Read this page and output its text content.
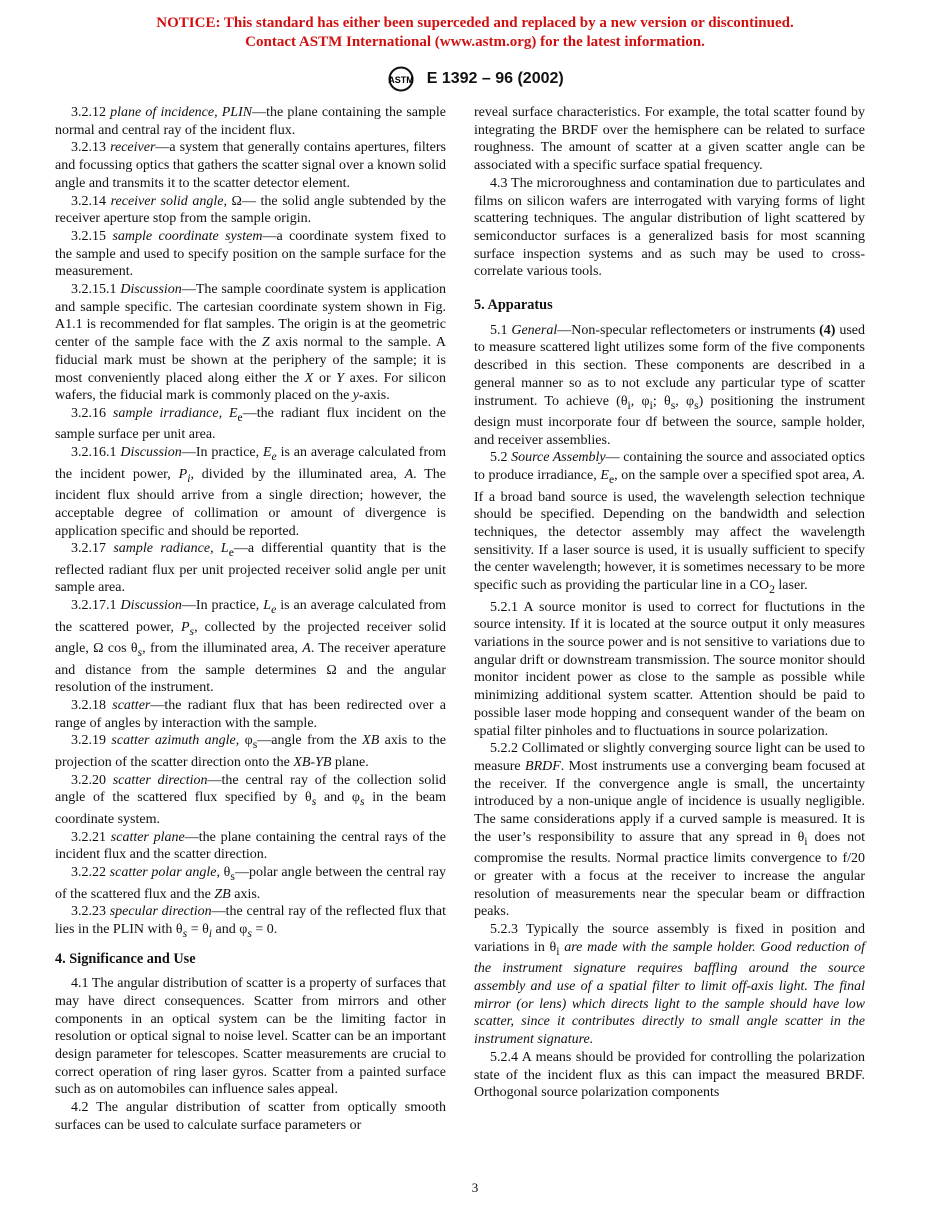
NOTICE: This standard has either been superceded and replaced by a new version or discontinued.
Contact ASTM International (www.astm.org) for the latest information.
ASTM E 1392 – 96 (2002)

3.2.12 plane of incidence, PLIN—the plane containing the sample normal and central ray of the incident flux.

3.2.13 receiver—a system that generally contains apertures, filters and focussing optics that gathers the scatter signal over a known solid angle and transmits it to the scatter detector element.

3.2.14 receiver solid angle, Ω— the solid angle subtended by the receiver aperture stop from the sample origin.

3.2.15 sample coordinate system—a coordinate system fixed to the sample and used to specify position on the sample surface for the measurement.

3.2.15.1 Discussion—The sample coordinate system is application and sample specific. The cartesian coordinate system shown in Fig. A1.1 is recommended for flat samples. The origin is at the geometric center of the sample face with the Z axis normal to the sample. A fiducial mark must be shown at the periphery of the sample; it is most conveniently placed along either the X or Y axes. For silicon wafers, the fiducial mark is commonly placed on the y-axis.

3.2.16 sample irradiance, $E_e—the$ radiant flux incident on the sample surface per unit area.

3.2.16.1 Discussion—In practice, $E_e$ is an average calculated from the incident power, $P_i$, divided by the illuminated area, A. The incident flux should arrive from a single direction; however, the acceptable degree of collimation or amount of divergence is application specific and should be reported.

3.2.17 sample radiance, $L_e—a$ differential quantity that is the reflected radiant flux per unit projected receiver solid angle per unit sample area.

3.2.17.1 Discussion—In practice, $L_e$ is an average calculated from the scattered power, $P_s$, collected by the projected receiver solid angle, Ω $\cos \theta_s$, from the illuminated area, A. The receiver aperature and distance from the sample determines Ω and the angular resolution of the instrument.

3.2.18 scatter—the radiant flux that has been redirected over a range of angles by interaction with the sample.

3.2.19 scatter azimuth angle, $\varphi_s—angle$ from the XB axis to the projection of the scatter direction onto the XB-YB plane.

3.2.20 scatter direction—the central ray of the collection solid angle of the scattered flux specified by $\theta_s$ and $\varphi_s$ in the beam coordinate system.

3.2.21 scatter plane—the plane containing the central rays of the incident flux and the scatter direction.

3.2.22 scatter polar angle, $\theta_s—polar$ angle between the central ray of the scattered flux and the ZB axis.

3.2.23 specular direction—the central ray of the reflected flux that lies in the PLIN with $\theta_s = \theta_i$ and $\varphi_s = 0$.

4. Significance and Use

4.1 The angular distribution of scatter is a property of surfaces that may have direct consequences. Scatter from mirrors and other components in an optical system can be the limiting factor in resolution or optical signal to noise level. Scatter can be an important design parameter for telescopes. Scatter measurements are crucial to correct operation of ring laser gyros. Scatter from a painted surface such as on automobiles can influence sales appeal.

4.2 The angular distribution of scatter from optically smooth surfaces can be used to calculate surface parameters or

reveal surface characteristics. For example, the total scatter found by integrating the BRDF over the hemisphere can be related to surface roughness. The amount of scatter at a given scatter angle can be associated with a specific surface spatial frequency.

4.3 The microroughness and contamination due to particulates and films on silicon wafers are interrogated with varying forms of light scattering techniques. The angular distribution of light scattered by semiconductor surfaces is a generalized basis for most scanning surface inspection systems and as such may be used to cross-correlate various tools.

5. Apparatus

5.1 General—Non-specular reflectometers or instruments (4) used to measure scattered light utilizes some form of the five components described in this section. These components are described in a general manner so as to not exclude any particular type of scatter instrument. To achieve ($\theta_i$, $\varphi_i$; $\theta_s$, $\varphi_s$) positioning the instrument design must incorporate four df between the source, sample holder, and receiver assemblies.

5.2 Source Assembly— containing the source and associated optics to produce irradiance, $E_e$, on the sample over a specified spot area, A. If a broad band source is used, the wavelength selection technique should be specified. Depending on the bandwidth and selection techniques, the detector assembly may affect the wavelength sensitivity. If a laser source is used, it is usually sufficient to specify the center wavelength; however, it is sometimes necessary to be more specific such as providing the particular line in a $CO_2$ laser.

5.2.1 A source monitor is used to correct for fluctutions in the source intensity. If it is located at the source output it only measures variations in the source power and is not sensitive to variations due to angular drift or downstream transmission. The source monitor should monitor incident power as close to the sample as possible while minimizing additional system scatter. Attention should be paid to possible laser mode hopping and consequent wander of the beam on spatial filter pinholes and to fluctuations in source polarization.

5.2.2 Collimated or slightly converging source light can be used to measure BRDF. Most instruments use a converging beam focused at the receiver. If the convergence angle is small, the uncertainty introduced by a non-unique angle of incidence is usually negligible. The same considerations apply if a curved sample is measured. It is the user’s responsibility to assure that any spread in $\theta_i$ does not compromise the results. Normal practice limits convergence to f/20 or greater with a focus at the receiver to increase the angular resolution of measurements near the specular beam or diffraction peaks.

5.2.3 Typically the source assembly is fixed in position and variations in $\theta_i$ are made with the sample holder. Good reduction of the instrument signature requires baffling around the source assembly and use of a spatial filter to limit off-axis light. The final mirror (or lens) which directs light to the sample should have low scatter, since it contributes directly to small angle scatter in the instrument signature.

5.2.4 A means should be provided for controlling the polarization state of the incident flux as this can impact the measured BRDF. Orthogonal source polarization components

3
